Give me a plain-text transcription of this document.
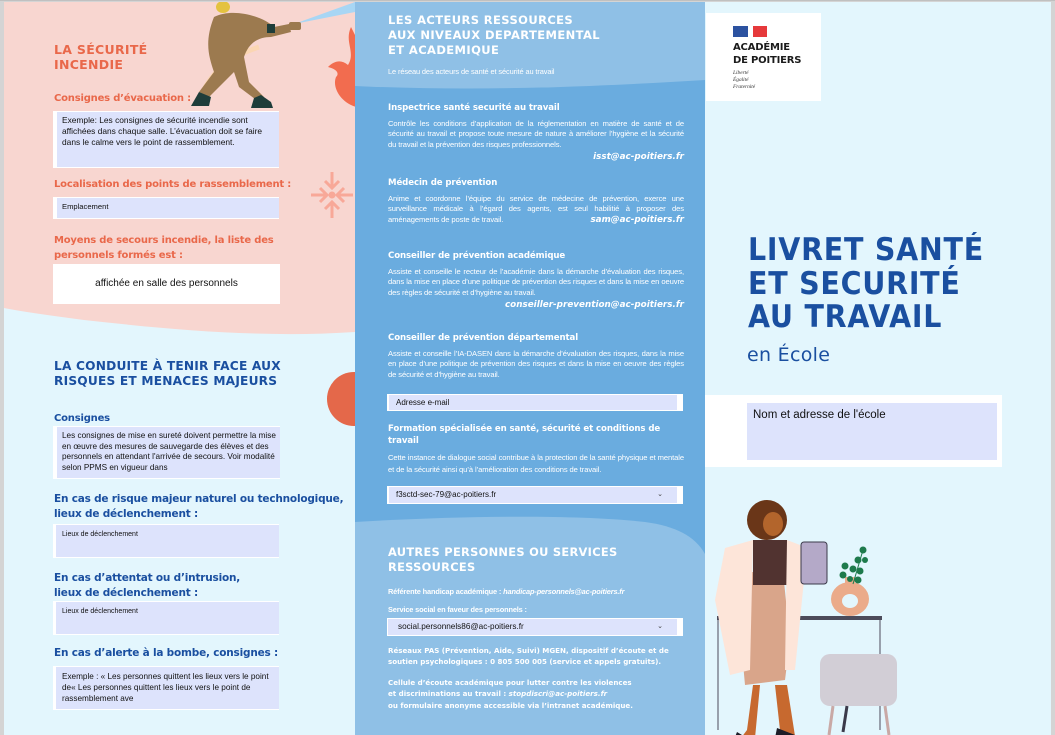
LA SÉCURITÉ
INCENDIE
Consignes d’évacuation :
Exemple: Les consignes de sécurité incendie sont affichées dans chaque salle. L’évacuation doit se faire dans le calme vers le point de rassemblement.
Localisation des points de rassemblement :
Emplacement
Moyens de secours incendie, la liste des
personnels formés est :
affichée en salle des personnels
LA CONDUITE À TENIR FACE AUX
RISQUES ET MENACES MAJEURS
Consignes
Les consignes de mise en sureté doivent permettre la mise en œuvre des mesures de sauvegarde des élèves et des personnels en attendant l'arrivée de secours. Voir modalité selon PPMS en vigueur dans
En cas de risque majeur naturel ou technologique,
lieux de déclenchement :
Lieux de déclenchement
En cas d’attentat ou d’intrusion,
lieux de déclenchement :
Lieux de déclenchement
En cas d’alerte à la bombe, consignes :
Exemple : « Les personnes quittent les lieux vers le point de« Les personnes quittent les lieux vers le point de rassemblement ave
LES ACTEURS RESSOURCES
AUX NIVEAUX DEPARTEMENTAL
ET ACADEMIQUE
Le réseau des acteurs de santé et sécurité au travail
Inspectrice santé securité au travail
Contrôle les conditions d’application de la réglementation en matière de santé et de sécurité au travail et propose toute mesure de nature à améliorer l’hygiène et la sécurité du travail et la prévention des risques professionnels.
isst@ac-poitiers.fr
Médecin de prévention
Anime et coordonne l’équipe du service de médecine de prévention, exerce une surveillance médicale à l’égard des agents, est seul habilitié à proposer des aménagements de poste de travail.	sam@ac-poitiers.fr
Conseiller de prévention académique
Assiste et conseille le recteur de l’académie dans la démarche d’évaluation des risques, dans la mise en place d’une politique de prévention des risques et dans la mise en oeuvre des règles de sécurité et d’hygiène au travail.
conseiller-prevention@ac-poitiers.fr
Conseiller de prévention départemental
Assiste et conseille l’IA-DASEN dans la démarche d’évaluation des risques, dans la mise en place d’une politique de prévention des risques et dans la mise en oeuvre des règles de sécurité et d’hygiène au travail.
Adresse e-mail
Formation spécialisée en santé, sécurité et conditions de travail
Cette instance de dialogue social contribue à la protection de la santé physique et mentale et de la sécurité ainsi qu’à l’amélioration des conditions de travail.
f3sctd-sec-79@ac-poitiers.fr	⌄
AUTRES PERSONNES OU SERVICES
RESSOURCES
Référente handicap académique : handicap-personnels@ac-poitiers.fr
Service social en faveur des personnels :
social.personnels86@ac-poitiers.fr	⌄
Réseaux PAS (Prévention, Aide, Suivi) MGEN, dispositif d’écoute et de
soutien psychologiques : 0 805 500 005 (service et appels gratuits).
Cellule d’écoute académique pour lutter contre les violences
et discriminations au travail : stopdiscri@ac-poitiers.fr
ou formulaire anonyme accessible via l’intranet académique.
ACADÉMIE
DE POITIERS
Liberté
Égalité
Fraternité
LIVRET SANTÉ
ET SECURITÉ
AU TRAVAIL
en École
Nom et adresse de l'école
